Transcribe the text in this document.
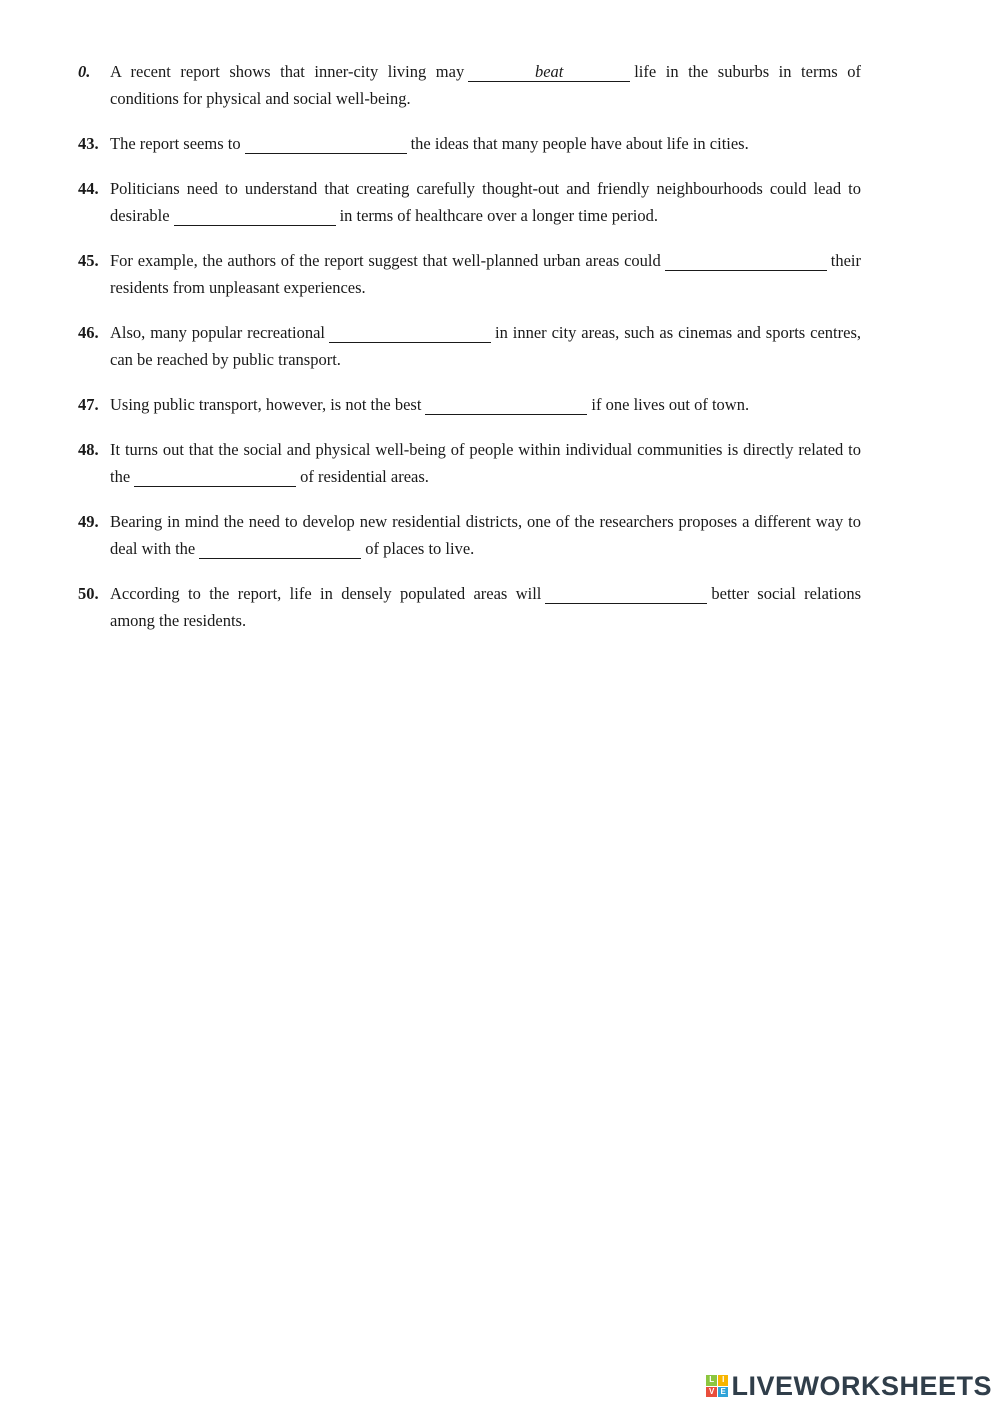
0.	A recent report shows that inner-city living may	beat	life in the suburbs in terms of conditions for physical and social well-being.
43. The report seems to	the ideas that many people have about life in cities.
44. Politicians need to understand that creating carefully thought-out and friendly neighbourhoods could lead to desirable	in terms of healthcare over a longer time period.
45. For example, the authors of the report suggest that well-planned urban areas could	their residents from unpleasant experiences.
46. Also, many popular recreational	in inner city areas, such as cinemas and sports centres, can be reached by public transport.
47. Using public transport, however, is not the best	if one lives out of town.
48. It turns out that the social and physical well-being of people within individual communities is directly related to the	of residential areas.
49. Bearing in mind the need to develop new residential districts, one of the researchers proposes a different way to deal with the	of places to live.
50. According to the report, life in densely populated areas will	better social relations among the residents.
L I
V E LIVEWORKSHEETS
